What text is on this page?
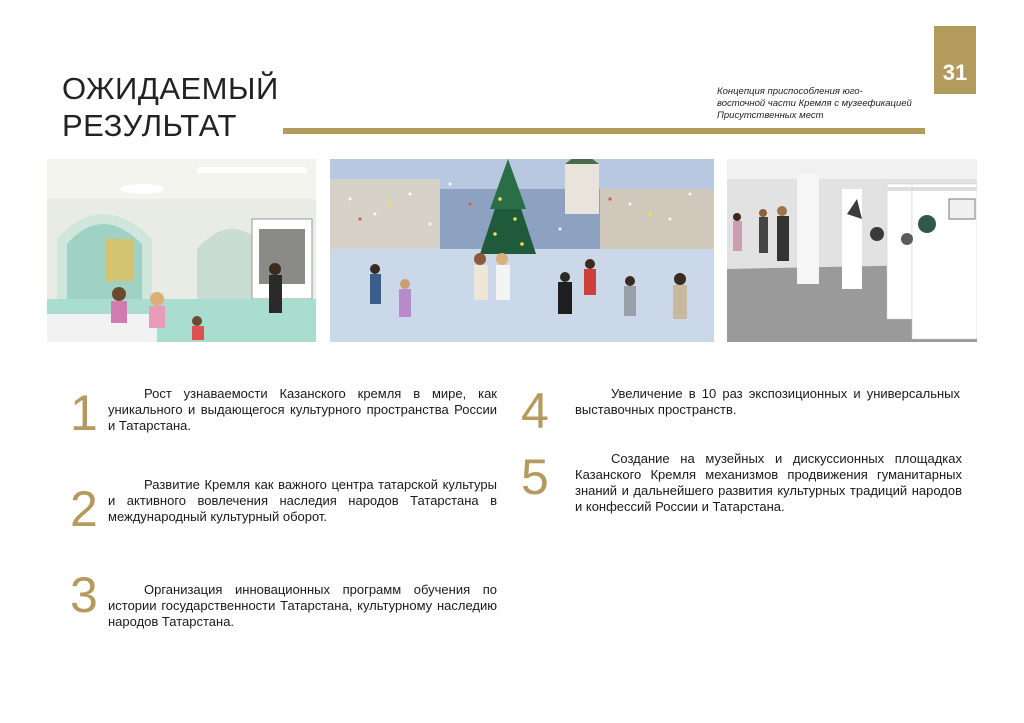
ОЖИДАЕМЫЙ
РЕЗУЛЬТАТ
Концепция приспособления юго-
восточной части Кремля с музеефикацией
Присутственных мест
31
1	Рост узнаваемости Казанского кремля в мире, как уникального и выдающегося культурного пространства России и Татарстана.
2	Развитие Кремля как важного центра татарской культуры и активного вовлечения наследия народов Татарстана в международный культурный оборот.
3	Организация инновационных программ обучения по истории государственности Татарстана, культурному наследию народов Татарстана.
4	Увеличение в 10 раз экспозиционных и универсальных выставочных пространств.
5	Создание на музейных и дискуссионных площадках Казанского Кремля механизмов продвижения гуманитарных знаний и дальнейшего развития культурных традиций народов и конфессий России и Татарстана.
